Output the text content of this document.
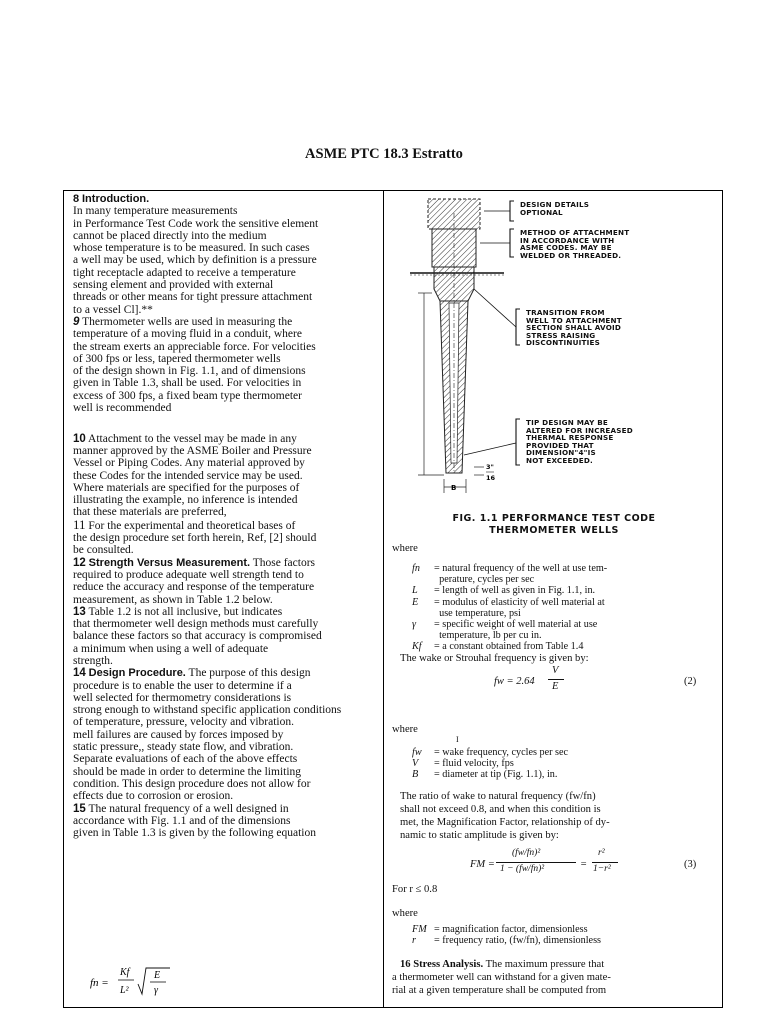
ASME PTC 18.3 Estratto
8 Introduction.
In many temperature measurements
in Performance Test Code work the sensitive element
cannot be placed directly into the medium
whose temperature is to be measured. In such cases
a well may be used, which by definition is a pressure
tight receptacle adapted to receive a temperature
sensing element and provided with external
threads or other means for tight pressure attachment
to a vessel Cl].**
9 Thermometer wells are used in measuring the
temperature of a moving fluid in a conduit, where
the stream exerts an appreciable force. For velocities
of 300 fps or less, tapered thermometer wells
of the design shown in Fig. 1.1, and of dimensions
given in Table 1.3, shall be used. For velocities in
excess of 300 fps, a fixed beam type thermometer
well is recommended
10 Attachment to the vessel may be made in any
manner approved by the ASME Boiler and Pressure
Vessel or Piping Codes. Any material approved by
these Codes for the intended service may be used.
Where materials are specified for the purposes of
illustrating the example, no inference is intended
that these materials are preferred,
11 For the experimental and theoretical bases of
the design procedure set forth herein, Ref, [2] should
be consulted.
12 Strength Versus Measurement. Those factors
required to produce adequate well strength tend to
reduce the accuracy and response of the temperature
measurement, as shown in Table 1.2 below.
13 Table 1.2 is not all inclusive, but indicates
that thermometer well design methods must carefully
balance these factors so that accuracy is compromised
a minimum when using a well of adequate
strength.
14 Design Procedure. The purpose of this design
procedure is to enable the user to determine if a
well selected for thermometry considerations is
strong enough to withstand specific application conditions
of temperature, pressure, velocity and vibration.
mell failures are caused by forces imposed by
static pressure,, steady state flow, and vibration.
Separate evaluations of each of the above effects
should be made in order to determine the limiting
condition. This design procedure does not allow for
effects due to corrosion or erosion.
15 The natural frequency of a well designed in
accordance with Fig. 1.1 and of the dimensions
given in Table 1.3 is given by the following equation
fn =
Kf
L²
E
γ
B
3"
16
DESIGN DETAILS
OPTIONAL
METHOD OF ATTACHMENT
IN ACCORDANCE WITH
ASME CODES. MAY BE
WELDED OR THREADED.
TRANSITION FROM
WELL TO ATTACHMENT
SECTION SHALL AVOID
STRESS RAISING
DISCONTINUITIES
TIP DESIGN MAY BE
ALTERED FOR INCREASED
THERMAL RESPONSE
PROVIDED THAT
DIMENSION"4"IS
NOT EXCEEDED.
FIG. 1.1 PERFORMANCE TEST CODE
THERMOMETER WELLS
where
fn = natural frequency of the well at use tem-
perature, cycles per sec
L = length of well as given in Fig. 1.1, in.
E = modulus of elasticity of well material at
use temperature, psi
γ = specific weight of well material at use
temperature, lb per cu in.
Kf = a constant obtained from Table 1.4
The wake or Strouhal frequency is given by:
fw = 2.64
V
E	(2)
where
I
fw = wake frequency, cycles per sec
V = fluid velocity, fps
B = diameter at tip (Fig. 1.1), in.
The ratio of wake to natural frequency (fw/fn)
shall not exceed 0.8, and when this condition is
met, the Magnification Factor, relationship of dy-
namic to static amplitude is given by:
FM =
(fw/fn)²
1 − (fw/fn)²	=
r²
1−r²	(3)
For r ≤ 0.8
where
FM = magnification factor, dimensionless
r = frequency ratio, (fw/fn), dimensionless
16 Stress Analysis. The maximum pressure that
a thermometer well can withstand for a given mate-
rial at a given temperature shall be computed from
